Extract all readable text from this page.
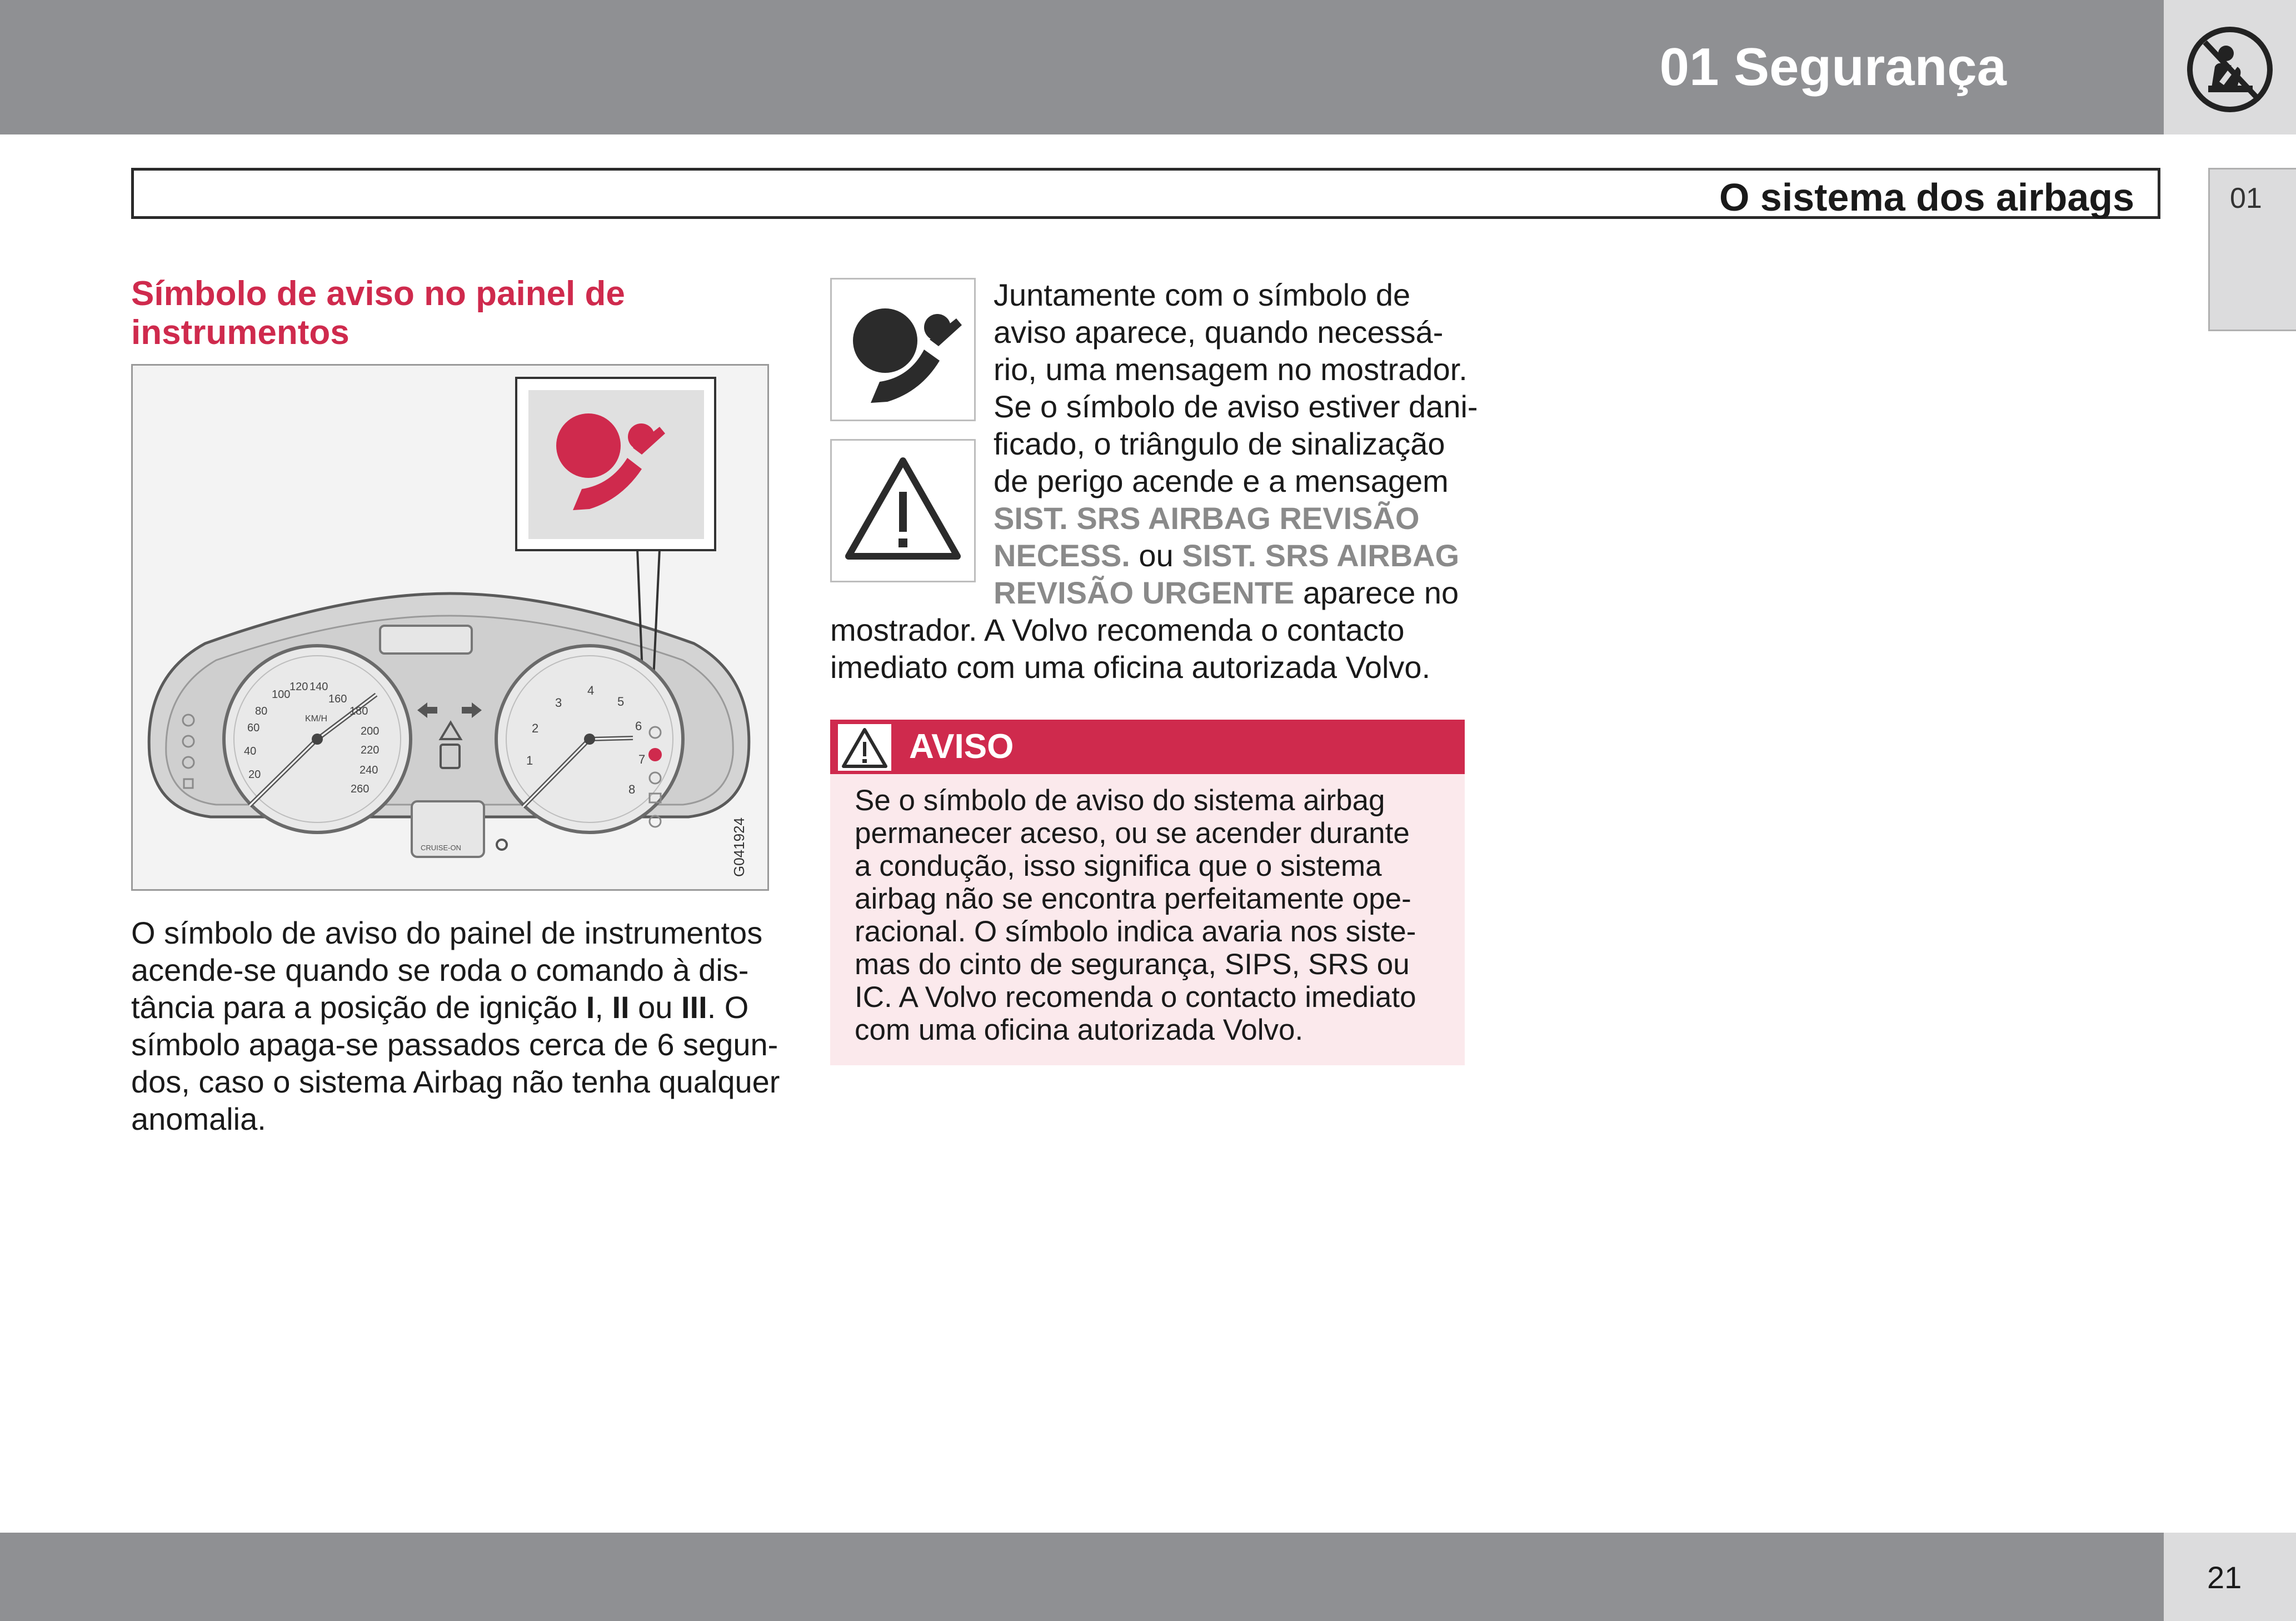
01 Segurança
O sistema dos airbags	01
Símbolo de aviso no painel de
instrumentos
20
40
60
80
100
120 140
160
180
200
220
240
260
KM/H
1
2
3
4
5
6
7
8
CRUISE-ON	G041924
O símbolo de aviso do painel de instrumentos
acende-se quando se roda o comando à dis-
tância para a posição de ignição I, II ou III. O
símbolo apaga-se passados cerca de 6 segun-
dos, caso o sistema Airbag não tenha qualquer
anomalia.
Juntamente com o símbolo de
aviso aparece, quando necessá-
rio, uma mensagem no mostrador.
Se o símbolo de aviso estiver dani-
ficado, o triângulo de sinalização
de perigo acende e a mensagem
SIST. SRS AIRBAG REVISÃO
NECESS. ou SIST. SRS AIRBAG
REVISÃO URGENTE aparece no
mostrador. A Volvo recomenda o contacto
imediato com uma oficina autorizada Volvo.
AVISO
Se o símbolo de aviso do sistema airbag
permanecer aceso, ou se acender durante
a condução, isso significa que o sistema
airbag não se encontra perfeitamente ope-
racional. O símbolo indica avaria nos siste-
mas do cinto de segurança, SIPS, SRS ou
IC. A Volvo recomenda o contacto imediato
com uma oficina autorizada Volvo.
21
